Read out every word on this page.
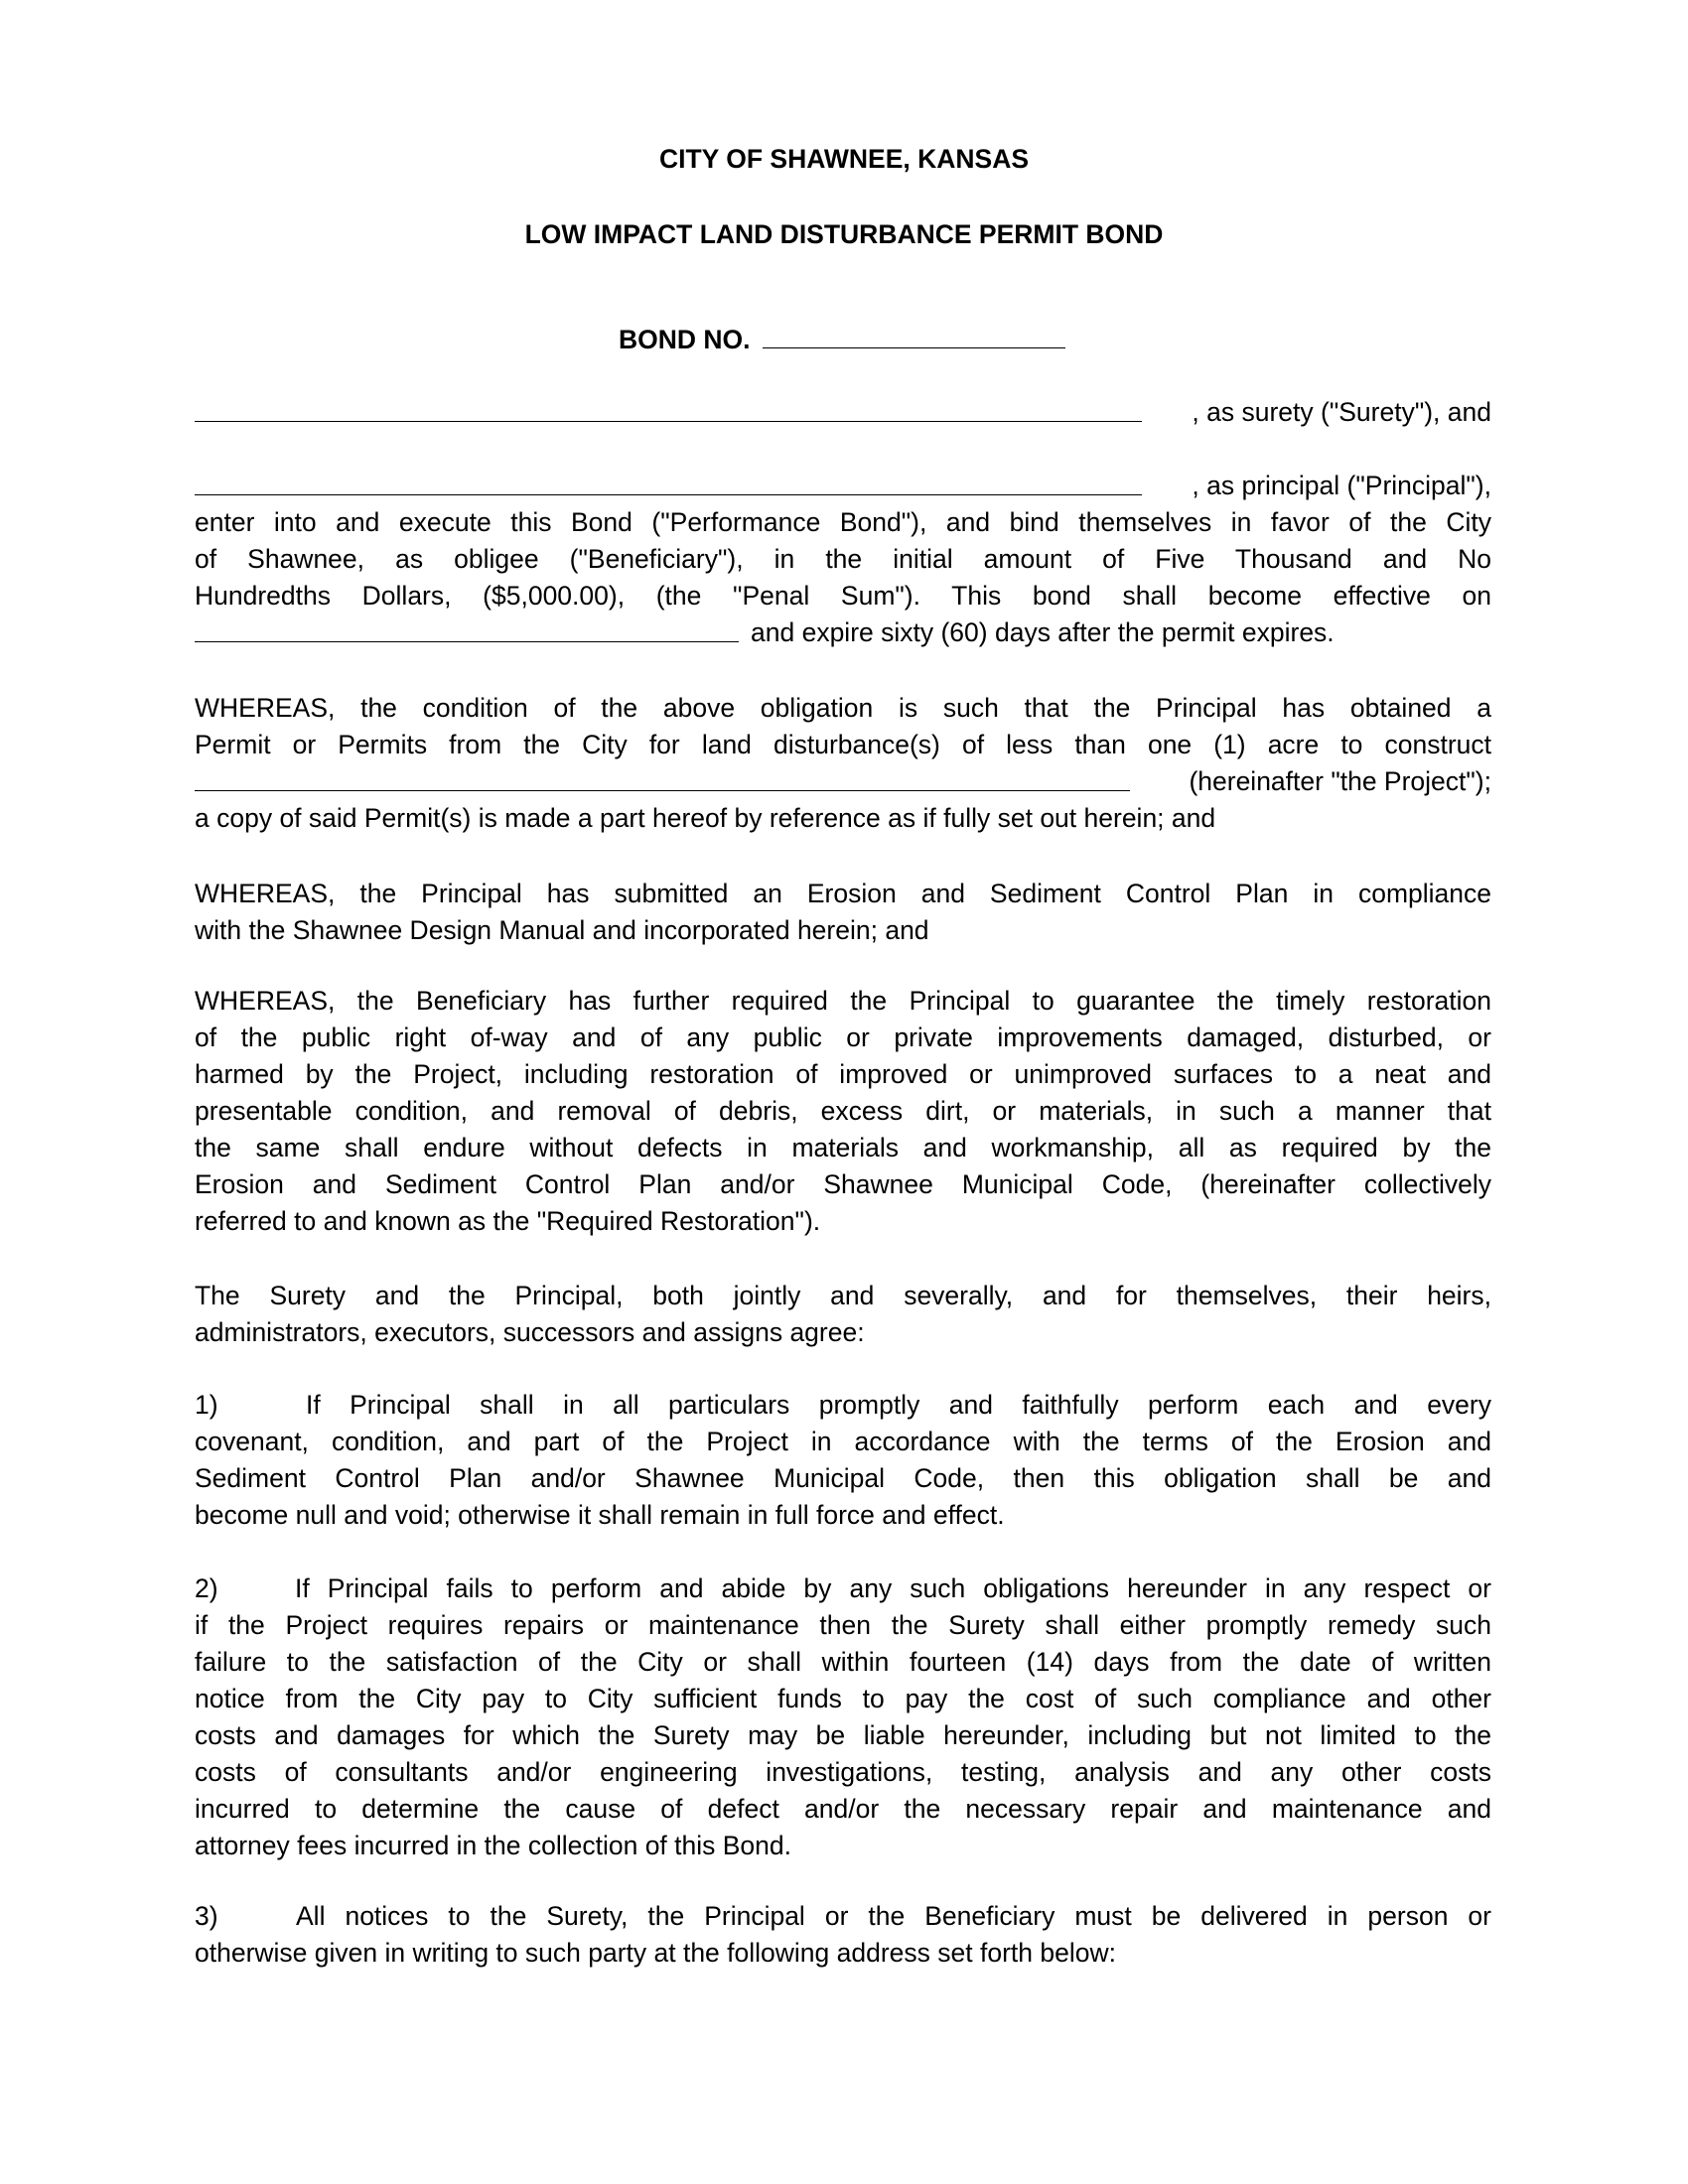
CITY OF SHAWNEE, KANSAS
LOW IMPACT LAND DISTURBANCE PERMIT BOND
BOND NO.
, as surety ("Surety"), and
, as principal ("Principal"),
enter into and execute this Bond ("Performance Bond"), and bind themselves in favor of the City
of Shawnee, as obligee ("Beneficiary"), in the initial amount of Five Thousand and No
Hundredths Dollars, ($5,000.00), (the "Penal Sum"). This bond shall become effective on
and expire sixty (60) days after the permit expires.
WHEREAS, the condition of the above obligation is such that the Principal has obtained a
Permit or Permits from the City for land disturbance(s) of less than one (1) acre to construct
(hereinafter "the Project");
a copy of said Permit(s) is made a part hereof by reference as if fully set out herein; and
WHEREAS, the Principal has submitted an Erosion and Sediment Control Plan in compliance
with the Shawnee Design Manual and incorporated herein; and
WHEREAS, the Beneficiary has further required the Principal to guarantee the timely restoration
of the public right of-way and of any public or private improvements damaged, disturbed, or
harmed by the Project, including restoration of improved or unimproved surfaces to a neat and
presentable condition, and removal of debris, excess dirt, or materials, in such a manner that
the same shall endure without defects in materials and workmanship, all as required by the
Erosion and Sediment Control Plan and/or Shawnee Municipal Code, (hereinafter collectively
referred to and known as the "Required Restoration").
The Surety and the Principal, both jointly and severally, and for themselves, their heirs,
administrators, executors, successors and assigns agree:
1)	If Principal shall in all particulars promptly and faithfully perform each and every
covenant, condition, and part of the Project in accordance with the terms of the Erosion and
Sediment Control Plan and/or Shawnee Municipal Code, then this obligation shall be and
become null and void; otherwise it shall remain in full force and effect.
2)	If Principal fails to perform and abide by any such obligations hereunder in any respect or
if the Project requires repairs or maintenance then the Surety shall either promptly remedy such
failure to the satisfaction of the City or shall within fourteen (14) days from the date of written
notice from the City pay to City sufficient funds to pay the cost of such compliance and other
costs and damages for which the Surety may be liable hereunder, including but not limited to the
costs of consultants and/or engineering investigations, testing, analysis and any other costs
incurred to determine the cause of defect and/or the necessary repair and maintenance and
attorney fees incurred in the collection of this Bond.
3)	All notices to the Surety, the Principal or the Beneficiary must be delivered in person or
otherwise given in writing to such party at the following address set forth below:
